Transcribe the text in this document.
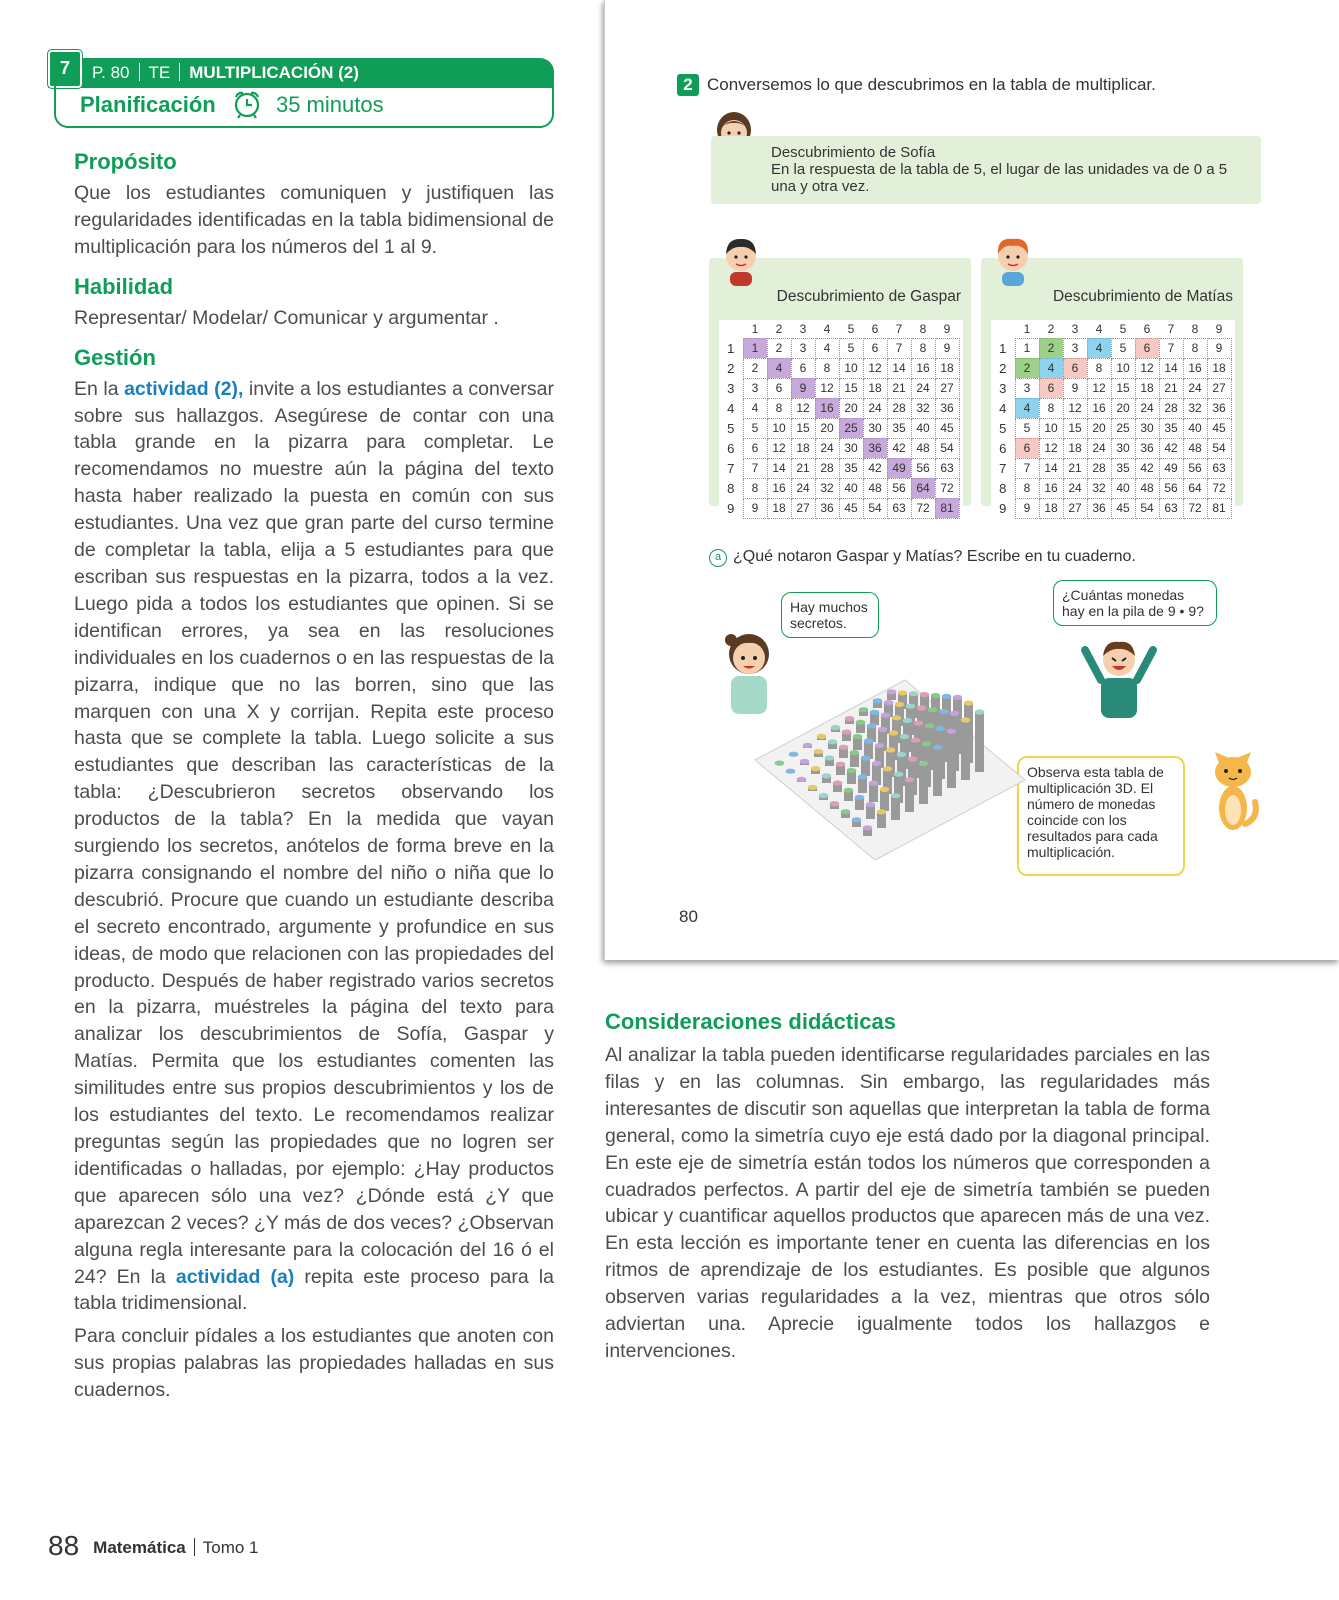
P. 80 TE MULTIPLICACIÓN (2)
7
Planificación	35 minutos
Propósito

Que los estudiantes comuniquen y justifiquen las regularidades identificadas en la tabla bidimensional de multiplicación para los números del 1 al 9.

Habilidad

Representar/ Modelar/ Comunicar y argumentar .

Gestión

En la actividad (2), invite a los estudiantes a conversar sobre sus hallazgos. Asegúrese de contar con una tabla grande en la pizarra para completar. Le recomendamos no muestre aún la página del texto hasta haber realizado la puesta en común con sus estudiantes. Una vez que gran parte del curso termine de completar la tabla, elija a 5 estudiantes para que escriban sus respuestas en la pizarra, todos a la vez. Luego pida a todos los estudiantes que opinen. Si se identifican errores, ya sea en las resoluciones individuales en los cuadernos o en las respuestas de la pizarra, indique que no las borren, sino que las marquen con una X y corrijan. Repita este proceso hasta que se complete la tabla. Luego solicite a sus estudiantes que describan las características de la tabla: ¿Descubrieron secretos observando los productos de la tabla? En la medida que vayan surgiendo los secretos, anótelos de forma breve en la pizarra consignando el nombre del niño o niña que lo descubrió. Procure que cuando un estudiante describa el secreto encontrado, argumente y profundice en sus ideas, de modo que relacionen con las propiedades del producto. Después de haber registrado varios secretos en la pizarra, muéstreles la página del texto para analizar los descubrimientos de Sofía, Gaspar y Matías. Permita que los estudiantes comenten las similitudes entre sus propios descubrimientos y los de los estudiantes del texto. Le recomendamos realizar preguntas según las propiedades que no logren ser identificadas o halladas, por ejemplo: ¿Hay productos que aparecen sólo una vez? ¿Dónde está ¿Y que aparezcan 2 veces? ¿Y más de dos veces? ¿Observan alguna regla interesante para la colocación del 16 ó el 24? En la actividad (a) repita este proceso para la tabla tridimensional.

Para concluir pídales a los estudiantes que anoten con sus propias palabras las propiedades halladas en sus cuadernos.

2 Conversemos lo que descubrimos en la tabla de multiplicar.
Descubrimiento de Sofía
En la respuesta de la tabla de 5, el lugar de las unidades va de 0 a 5 una y otra vez.
Descubrimiento de Gaspar
	1	2	3	4	5	6	7	8	9
1	1	2	3	4	5	6	7	8	9
2	2	4	6	8	10	12	14	16	18
3	3	6	9	12	15	18	21	24	27
4	4	8	12	16	20	24	28	32	36
5	5	10	15	20	25	30	35	40	45
6	6	12	18	24	30	36	42	48	54
7	7	14	21	28	35	42	49	56	63
8	8	16	24	32	40	48	56	64	72
9	9	18	27	36	45	54	63	72	81
Descubrimiento de Matías
	1	2	3	4	5	6	7	8	9
1	1	2	3	4	5	6	7	8	9
2	2	4	6	8	10	12	14	16	18
3	3	6	9	12	15	18	21	24	27
4	4	8	12	16	20	24	28	32	36
5	5	10	15	20	25	30	35	40	45
6	6	12	18	24	30	36	42	48	54
7	7	14	21	28	35	42	49	56	63
8	8	16	24	32	40	48	56	64	72
9	9	18	27	36	45	54	63	72	81
a ¿Qué notaron Gaspar y Matías? Escribe en tu cuaderno.
Hay muchos secretos.
¿Cuántas monedas hay en la pila de 9 • 9?
Observa esta tabla de multiplicación 3D. El número de monedas coincide con los resultados para cada multiplicación.
80
Consideraciones didácticas

Al analizar la tabla pueden identificarse regularidades parciales en las filas y en las columnas. Sin embargo, las regularidades más interesantes de discutir son aquellas que interpretan la tabla de forma general, como la simetría cuyo eje está dado por la diagonal principal. En este eje de simetría están todos los números que corresponden a cuadrados perfectos. A partir del eje de simetría también se pueden ubicar y cuantificar aquellos productos que aparecen más de una vez. En esta lección es importante tener en cuenta las diferencias en los ritmos de aprendizaje de los estudiantes. Es posible que algunos observen varias regularidades a la vez, mientras que otros sólo adviertan una. Aprecie igualmente todos los hallazgos e intervenciones.

88 Matemática Tomo 1
